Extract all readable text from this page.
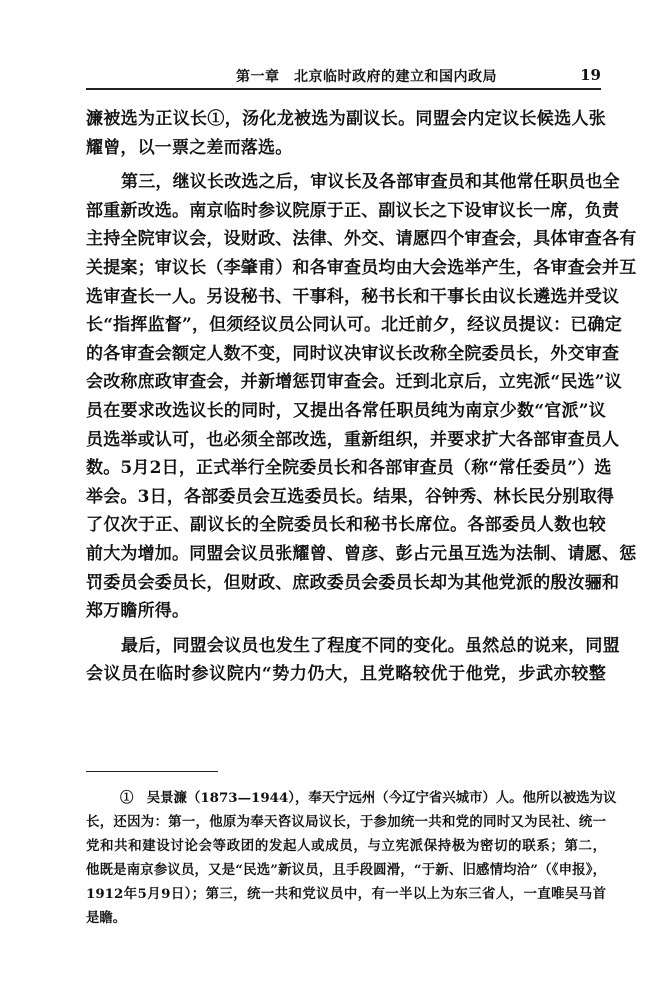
第一章　北京临时政府的建立和国内政局	19
濂被选为正议长①，汤化龙被选为副议长。同盟会内定议长候选人张
耀曾，以一票之差而落选。
第三，继议长改选之后，审议长及各部审查员和其他常任职员也全
部重新改选。南京临时参议院原于正、副议长之下设审议长一席，负责
主持全院审议会，设财政、法律、外交、请愿四个审查会，具体审查各有
关提案；审议长（李肇甫）和各审查员均由大会选举产生，各审查会并互
选审查长一人。另设秘书、干事科，秘书长和干事长由议长遴选并受议
长“指挥监督”，但须经议员公同认可。北迁前夕，经议员提议：已确定
的各审查会额定人数不变，同时议决审议长改称全院委员长，外交审查
会改称庶政审查会，并新增惩罚审查会。迁到北京后，立宪派“民选”议
员在要求改选议长的同时，又提出各常任职员纯为南京少数“官派”议
员选举或认可，也必须全部改选，重新组织，并要求扩大各部审查员人
数。5月2日，正式举行全院委员长和各部审查员（称“常任委员”）选
举会。3日，各部委员会互选委员长。结果，谷钟秀、林长民分别取得
了仅次于正、副议长的全院委员长和秘书长席位。各部委员人数也较
前大为增加。同盟会议员张耀曾、曾彦、彭占元虽互选为法制、请愿、惩
罚委员会委员长，但财政、庶政委员会委员长却为其他党派的殷汝骊和
郑万瞻所得。
最后，同盟会议员也发生了程度不同的变化。虽然总的说来，同盟
会议员在临时参议院内“势力仍大，且党略较优于他党，步武亦较整
①　吴景濂（1873—1944），奉天宁远州（今辽宁省兴城市）人。他所以被选为议
长，还因为：第一，他原为奉天咨议局议长，于参加统一共和党的同时又为民社、统一
党和共和建设讨论会等政团的发起人或成员，与立宪派保持极为密切的联系；第二，
他既是南京参议员，又是“民选”新议员，且手段圆滑，“于新、旧感情均洽”（《申报》，
1912年5月9日）；第三，统一共和党议员中，有一半以上为东三省人，一直唯吴马首
是瞻。
